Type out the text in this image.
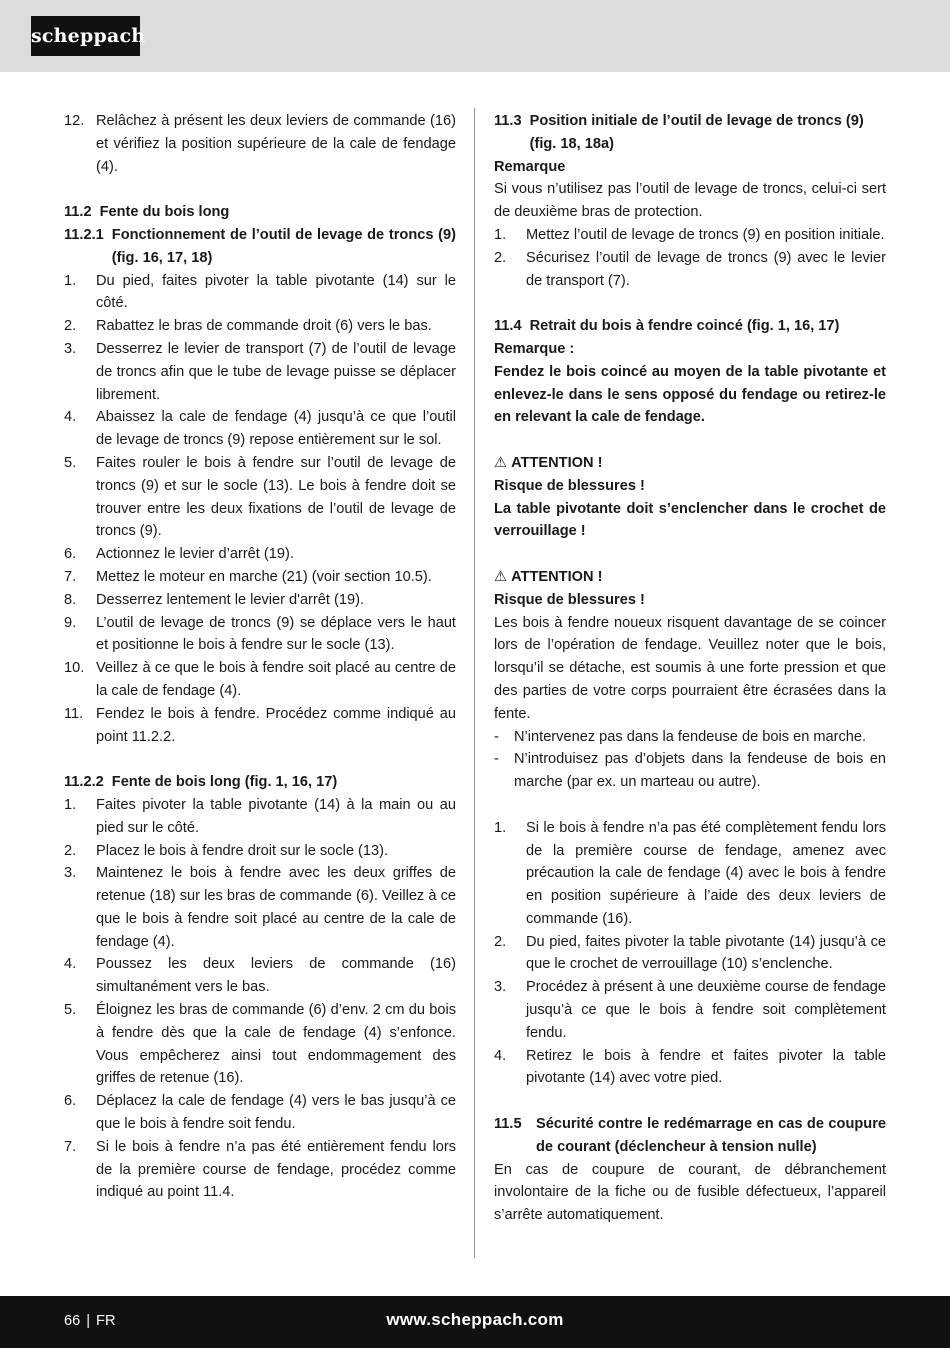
scheppach
12. Relâchez à présent les deux leviers de commande (16) et vérifiez la position supérieure de la cale de fendage (4).
11.2 Fente du bois long
11.2.1 Fonctionnement de l’outil de levage de troncs (9) (fig. 16, 17, 18)
1.	Du pied, faites pivoter la table pivotante (14) sur le côté.
2.	Rabattez le bras de commande droit (6) vers le bas.
3.	Desserrez le levier de transport (7) de l’outil de levage de troncs afin que le tube de levage puisse se déplacer librement.
4.	Abaissez la cale de fendage (4) jusqu’à ce que l’outil de levage de troncs (9) repose entièrement sur le sol.
5.	Faites rouler le bois à fendre sur l’outil de levage de troncs (9) et sur le socle (13). Le bois à fendre doit se trouver entre les deux fixations de l’outil de levage de troncs (9).
6.	Actionnez le levier d’arrêt (19).
7.	Mettez le moteur en marche (21) (voir section 10.5).
8.	Desserrez lentement le levier d'arrêt (19).
9.	L’outil de levage de troncs (9) se déplace vers le haut et positionne le bois à fendre sur le socle (13).
10. Veillez à ce que le bois à fendre soit placé au centre de la cale de fendage (4).
11. Fendez le bois à fendre. Procédez comme indiqué au point 11.2.2.
11.2.2 Fente de bois long (fig. 1, 16, 17)
1.	Faites pivoter la table pivotante (14) à la main ou au pied sur le côté.
2.	Placez le bois à fendre droit sur le socle (13).
3.	Maintenez le bois à fendre avec les deux griffes de retenue (18) sur les bras de commande (6). Veillez à ce que le bois à fendre soit placé au centre de la cale de fendage (4).
4.	Poussez les deux leviers de commande (16) simultanément vers le bas.
5.	Éloignez les bras de commande (6) d’env. 2 cm du bois à fendre dès que la cale de fendage (4) s’enfonce. Vous empêcherez ainsi tout endommagement des griffes de retenue (16).
6.	Déplacez la cale de fendage (4) vers le bas jusqu’à ce que le bois à fendre soit fendu.
7.	Si le bois à fendre n’a pas été entièrement fendu lors de la première course de fendage, procédez comme indiqué au point 11.4.
11.3 Position initiale de l’outil de levage de troncs (9) (fig. 18, 18a)
Remarque
Si vous n’utilisez pas l’outil de levage de troncs, celui-ci sert de deuxième bras de protection.
1.	Mettez l’outil de levage de troncs (9) en position initiale.
2.	Sécurisez l’outil de levage de troncs (9) avec le levier de transport (7).
11.4 Retrait du bois à fendre coincé (fig. 1, 16, 17)
Remarque :
Fendez le bois coincé au moyen de la table pivotante et enlevez-le dans le sens opposé du fendage ou retirez-le en relevant la cale de fendage.
⚠ ATTENTION !
Risque de blessures !
La table pivotante doit s’enclencher dans le crochet de verrouillage !
⚠ ATTENTION !
Risque de blessures !
Les bois à fendre noueux risquent davantage de se coincer lors de l’opération de fendage. Veuillez noter que le bois, lorsqu’il se détache, est soumis à une forte pression et que des parties de votre corps pourraient être écrasées dans la fente.
-	N’intervenez pas dans la fendeuse de bois en marche.
-	N’introduisez pas d’objets dans la fendeuse de bois en marche (par ex. un marteau ou autre).
1.	Si le bois à fendre n’a pas été complètement fendu lors de la première course de fendage, amenez avec précaution la cale de fendage (4) avec le bois à fendre en position supérieure à l’aide des deux leviers de commande (16).
2.	Du pied, faites pivoter la table pivotante (14) jusqu’à ce que le crochet de verrouillage (10) s’enclenche.
3.	Procédez à présent à une deuxième course de fendage jusqu’à ce que le bois à fendre soit complètement fendu.
4.	Retirez le bois à fendre et faites pivoter la table pivotante (14) avec votre pied.
11.5 Sécurité contre le redémarrage en cas de coupure de courant (déclencheur à tension nulle)
En cas de coupure de courant, de débranchement involontaire de la fiche ou de fusible défectueux, l’appareil s’arrête automatiquement.
66 | FR	www.scheppach.com
